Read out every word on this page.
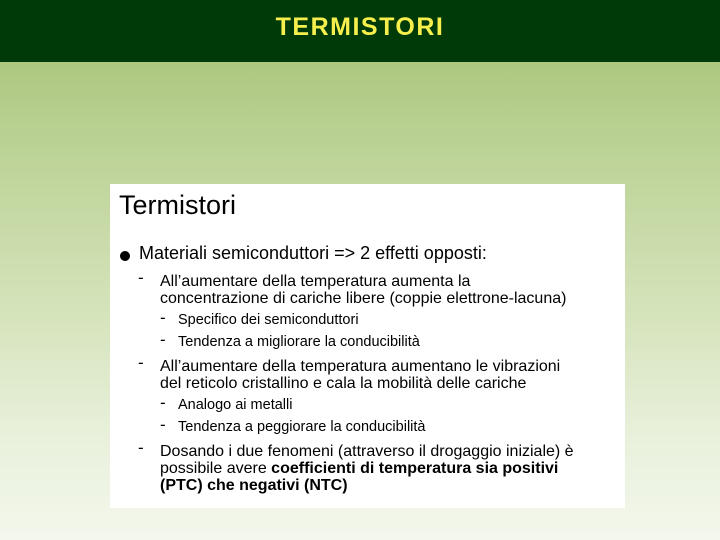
TERMISTORI
Termistori
Materiali semiconduttori => 2 effetti opposti:
- All’aumentare della temperatura aumenta la
concentrazione di cariche libere (coppie elettrone-lacuna)
- Specifico dei semiconduttori
- Tendenza a migliorare la conducibilità
- All’aumentare della temperatura aumentano le vibrazioni
del reticolo cristallino e cala la mobilità delle cariche
- Analogo ai metalli
- Tendenza a peggiorare la conducibilità
- Dosando i due fenomeni (attraverso il drogaggio iniziale) è
possibile avere coefficienti di temperatura sia positivi
(PTC) che negativi (NTC)
